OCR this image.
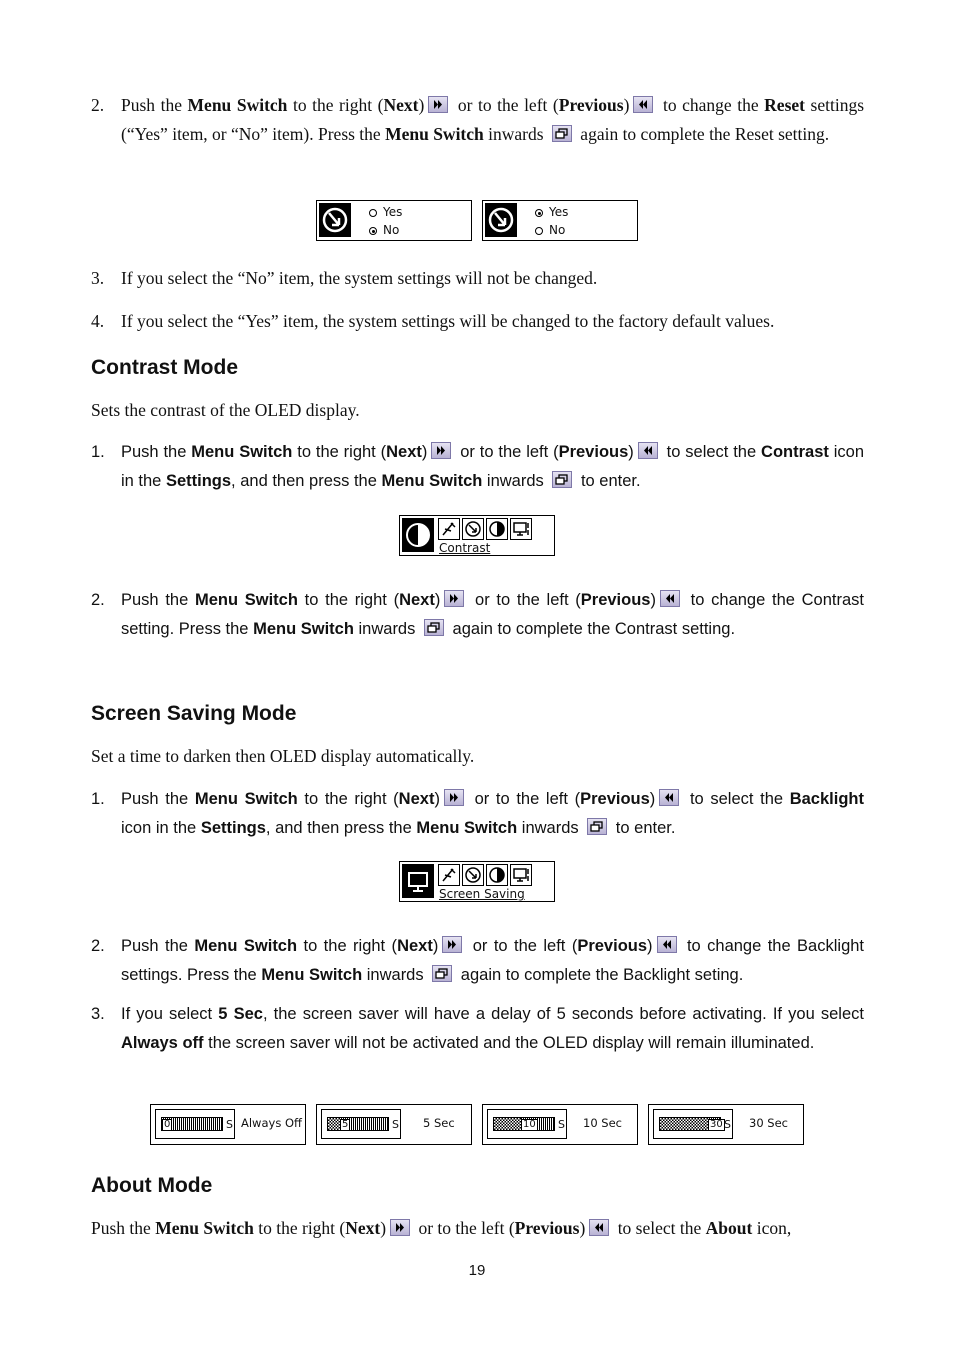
2. Push the Menu Switch to the right (Next)
or to the left (Previous)
to change the Reset settings (“Yes” item, or “No” item). Press the Menu Switch inwards
again to complete the Reset setting.
Yes
No
Yes
No
3. If you select the “No” item, the system settings will not be changed.
4. If you select the “Yes” item, the system settings will be changed to the factory default values.
Contrast Mode
Sets the contrast of the OLED display.
1. Push the Menu Switch to the right (Next)
or to the left (Previous)
to select the Contrast icon in the Settings, and then press the Menu Switch inwards
to enter.
Contrast
2. Push the Menu Switch to the right (Next)
or to the left (Previous)
to change the Contrast setting. Press the Menu Switch inwards
again to complete the Contrast setting.
Screen Saving Mode
Set a time to darken then OLED display automatically.
1. Push the Menu Switch to the right (Next)
or to the left (Previous)
to select the Backlight icon in the Settings, and then press the Menu Switch inwards
to enter.
Screen Saving
2. Push the Menu Switch to the right (Next)
or to the left (Previous)
to change the Backlight settings. Press the Menu Switch inwards
again to complete the Backlight seting.
3. If you select 5 Sec, the screen saver will have a delay of 5 seconds before activating. If you select Always off the screen saver will not be activated and the OLED display will remain illuminated.
0	S Always Off	5	S 5 Sec	10 S 10 Sec	30 S 30 Sec
About Mode
Push the Menu Switch to the right (Next)
or to the left (Previous)
to select the About icon,
19
